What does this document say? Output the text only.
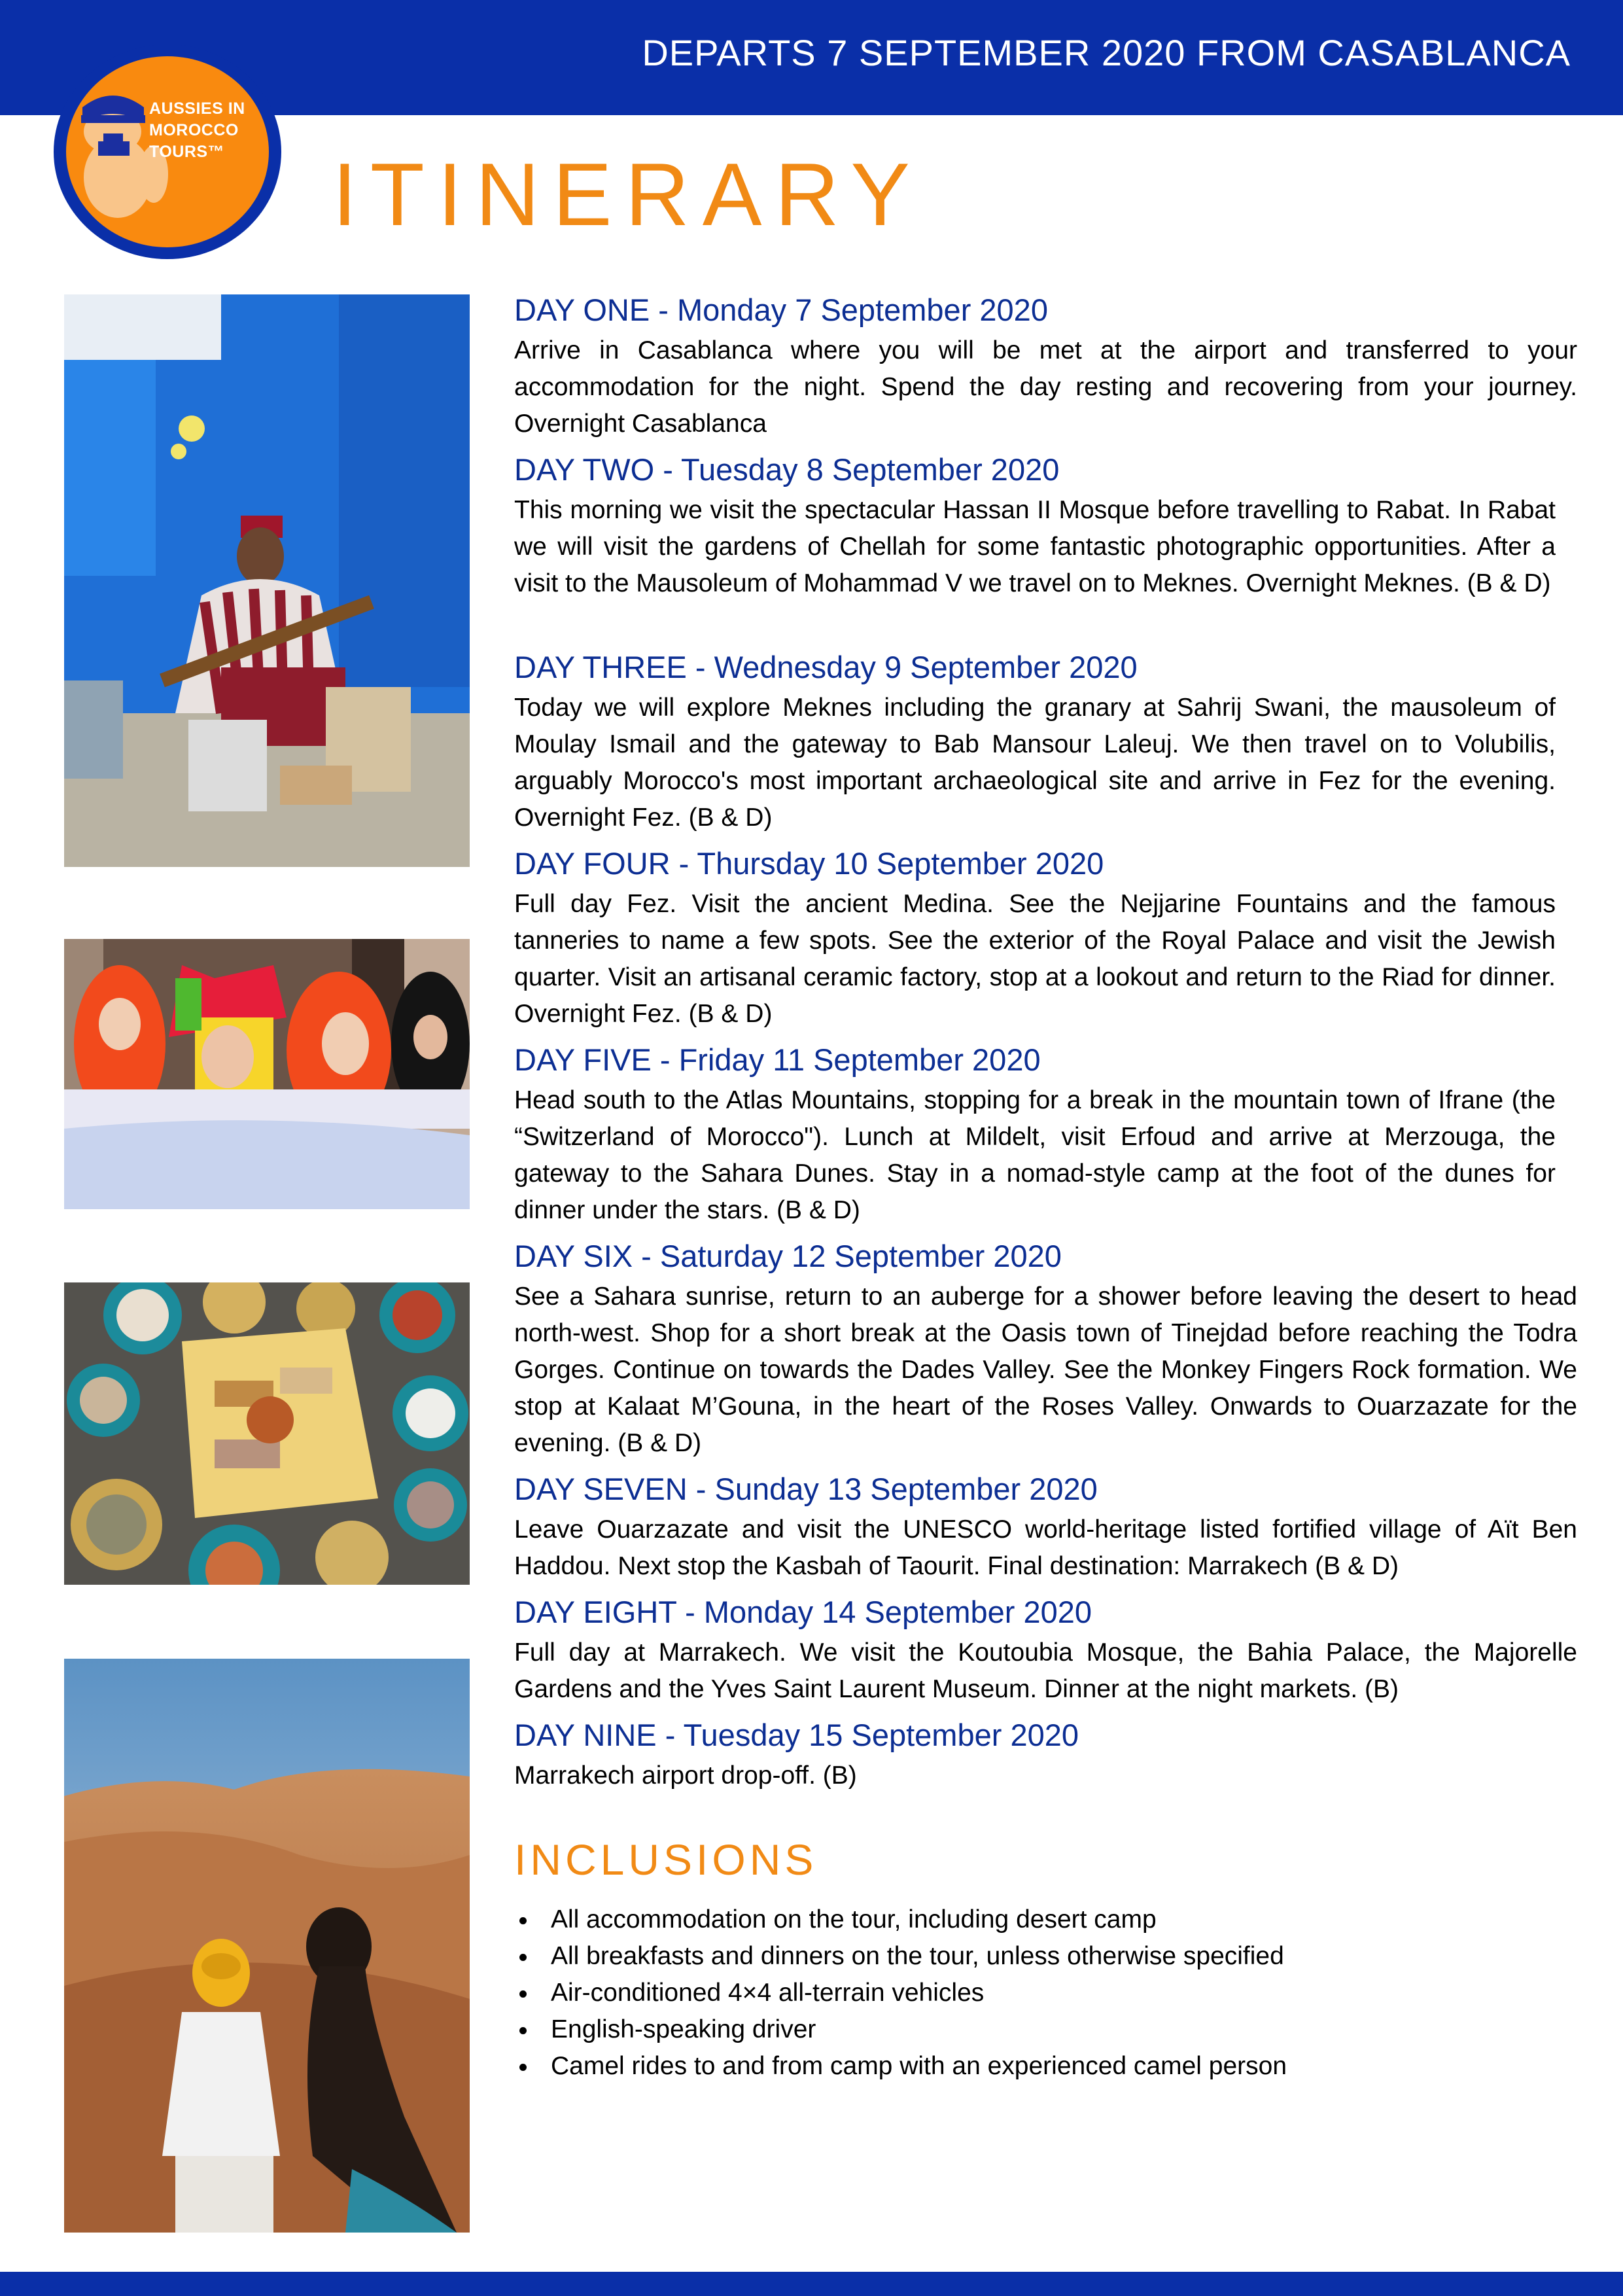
DEPARTS 7 SEPTEMBER 2020 FROM CASABLANCA
AUSSIES IN
MOROCCO
TOURS™	ITINERARY
DAY ONE - Monday 7 September 2020

Arrive in Casablanca where you will be met at the airport and transferred to your accommodation for the night. Spend the day resting and recovering from your journey. Overnight Casablanca

DAY TWO - Tuesday 8 September 2020

This morning we visit the spectacular Hassan II Mosque before travelling to Rabat. In Rabat we will visit the gardens of Chellah for some fantastic photographic opportunities. After a visit to the Mausoleum of Mohammad V we travel on to Meknes. Overnight Meknes. (B & D)

DAY THREE - Wednesday 9 September 2020

Today we will explore Meknes including the granary at Sahrij Swani, the mausoleum of Moulay Ismail and the gateway to Bab Mansour Laleuj. We then travel on to Volubilis, arguably Morocco's most important archaeological site and arrive in Fez for the evening. Overnight Fez. (B & D)

DAY FOUR - Thursday 10 September 2020

Full day Fez. Visit the ancient Medina. See the Nejjarine Fountains and the famous tanneries to name a few spots. See the exterior of the Royal Palace and visit the Jewish quarter. Visit an artisanal ceramic factory, stop at a lookout and return to the Riad for dinner. Overnight Fez. (B & D)

DAY FIVE - Friday 11 September 2020

Head south to the Atlas Mountains, stopping for a break in the mountain town of Ifrane (the “Switzerland of Morocco"). Lunch at Mildelt, visit Erfoud and arrive at Merzouga, the gateway to the Sahara Dunes. Stay in a nomad-style camp at the foot of the dunes for dinner under the stars. (B & D)

DAY SIX - Saturday 12 September 2020

See a Sahara sunrise, return to an auberge for a shower before leaving the desert to head north-west. Shop for a short break at the Oasis town of Tinejdad before reaching the Todra Gorges. Continue on towards the Dades Valley. See the Monkey Fingers Rock formation. We stop at Kalaat M’Gouna, in the heart of the Roses Valley. Onwards to Ouarzazate for the evening. (B & D)

DAY SEVEN - Sunday 13 September 2020

Leave Ouarzazate and visit the UNESCO world-heritage listed fortified village of Aït Ben Haddou. Next stop the Kasbah of Taourit. Final destination: Marrakech (B & D)

DAY EIGHT - Monday 14 September 2020

Full day at Marrakech. We visit the Koutoubia Mosque, the Bahia Palace, the Majorelle Gardens and the Yves Saint Laurent Museum. Dinner at the night markets. (B)

DAY NINE - Tuesday 15 September 2020

Marrakech airport drop-off. (B)

INCLUSIONS
All accommodation on the tour, including desert camp
All breakfasts and dinners on the tour, unless otherwise specified
Air-conditioned 4×4 all-terrain vehicles
English-speaking driver
Camel rides to and from camp with an experienced camel person
